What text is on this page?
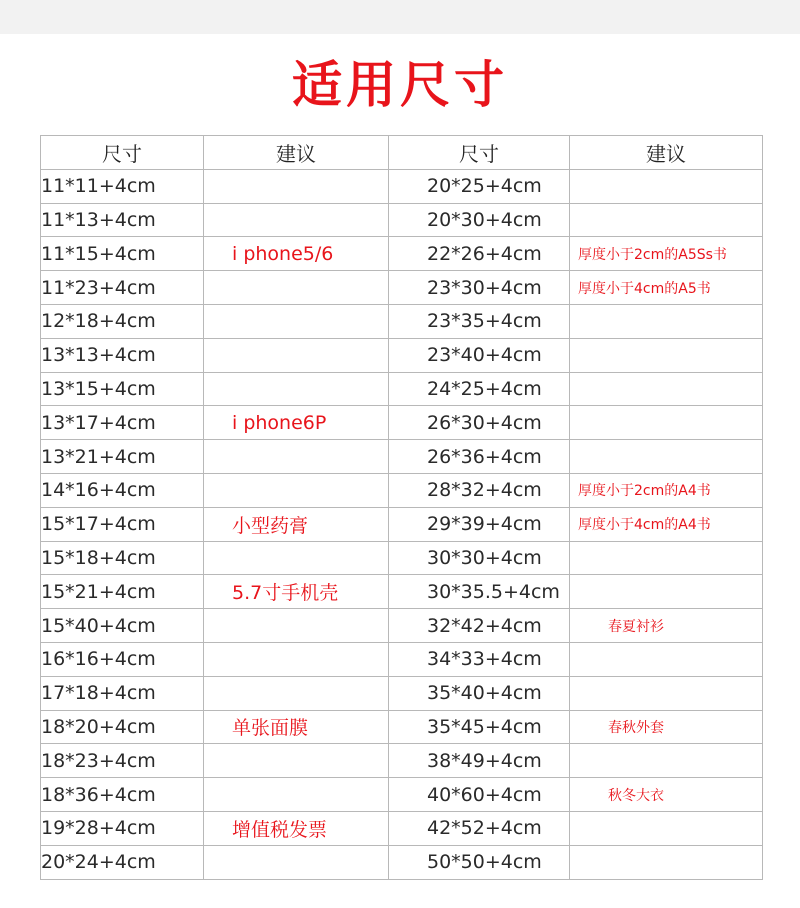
适用尺寸
尺寸	建议	尺寸	建议
11*11+4cm		20*25+4cm	
11*13+4cm		20*30+4cm	
11*15+4cm	i phone5/6	22*26+4cm	厚度小于2cm的A5Ss书
11*23+4cm		23*30+4cm	厚度小于4cm的A5书
12*18+4cm		23*35+4cm	
13*13+4cm		23*40+4cm	
13*15+4cm		24*25+4cm	
13*17+4cm	i phone6P	26*30+4cm	
13*21+4cm		26*36+4cm	
14*16+4cm		28*32+4cm	厚度小于2cm的A4书
15*17+4cm	小型药膏	29*39+4cm	厚度小于4cm的A4书
15*18+4cm		30*30+4cm	
15*21+4cm	5.7寸手机壳	30*35.5+4cm	
15*40+4cm		32*42+4cm	春夏衬衫
16*16+4cm		34*33+4cm	
17*18+4cm		35*40+4cm	
18*20+4cm	单张面膜	35*45+4cm	春秋外套
18*23+4cm		38*49+4cm	
18*36+4cm		40*60+4cm	秋冬大衣
19*28+4cm	增值税发票	42*52+4cm	
20*24+4cm		50*50+4cm	
